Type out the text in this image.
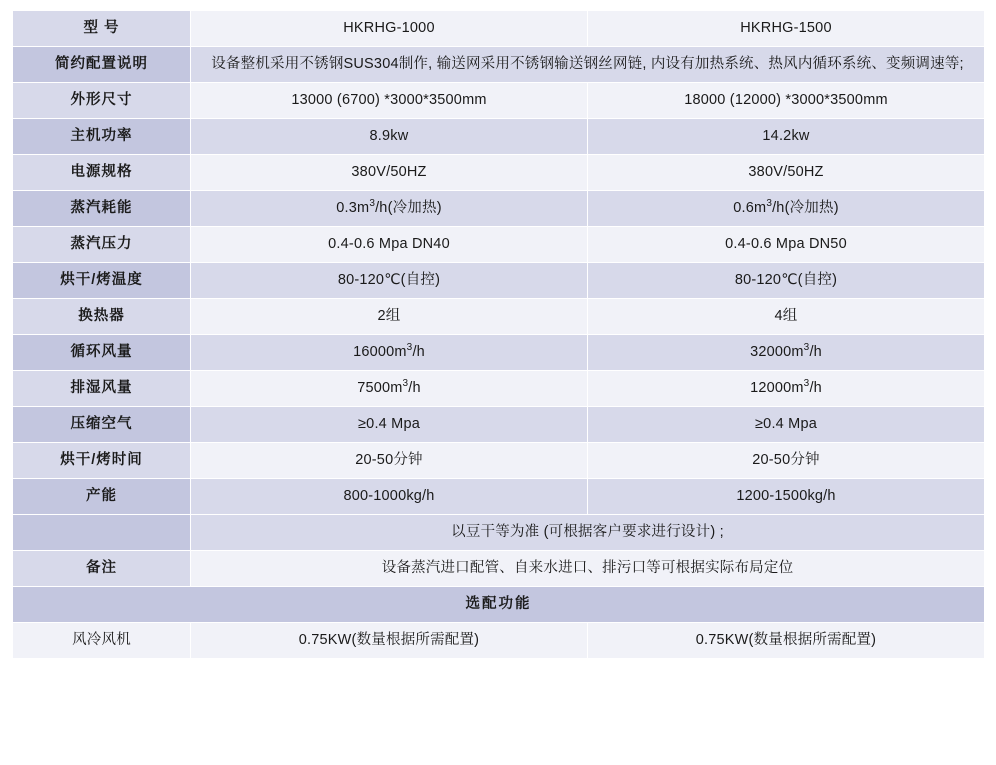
型 号	HKRHG-1000	HKRHG-1500
简约配置说明	设备整机采用不锈钢SUS304制作, 输送网采用不锈钢输送钢丝网链, 内设有加热系统、热风内循环系统、变频调速等;	
外形尺寸	13000 (6700) *3000*3500mm	18000 (12000) *3000*3500mm
主机功率	8.9kw	14.2kw
电源规格	380V/50HZ	380V/50HZ
蒸汽耗能	$0.3m^3/h$(冷加热)	$0.6m^3/h$(冷加热)
蒸汽压力	0.4-0.6 Mpa DN40	0.4-0.6 Mpa DN50
烘干/烤温度	80-120℃(自控)	80-120℃(自控)
换热器	2组	4组
循环风量	$16000m^3/h$	$32000m^3/h$
排湿风量	$7500m^3/h$	$12000m^3/h$
压缩空气	≥0.4 Mpa	≥0.4 Mpa
烘干/烤时间	20-50分钟	20-50分钟
产能	800-1000kg/h	1200-1500kg/h
	以豆干等为准 (可根据客户要求进行设计) ;	
备注	设备蒸汽进口配管、自来水进口、排污口等可根据实际布局定位	
选配功能		
风冷风机	0.75KW(数量根据所需配置)	0.75KW(数量根据所需配置)
